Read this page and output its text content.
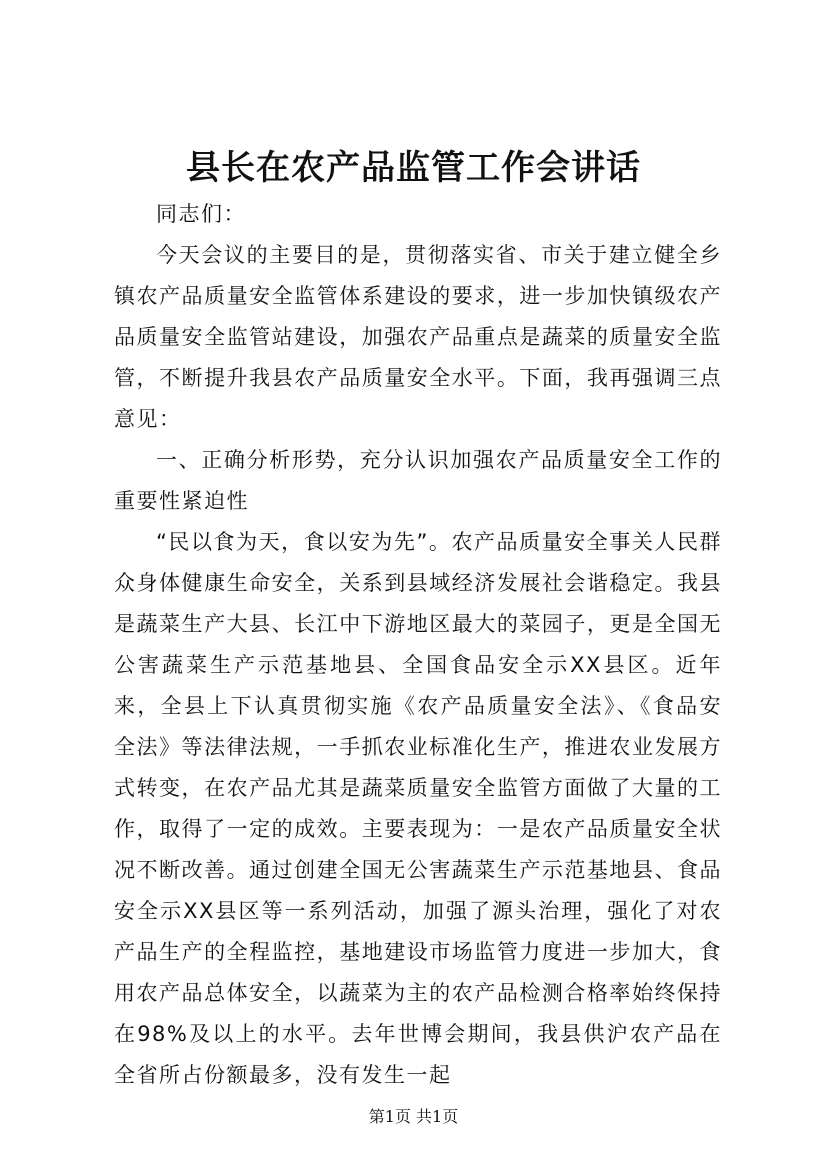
县长在农产品监管工作会讲话

同志们：

今天会议的主要目的是，贯彻落实省、市关于建立健全乡镇农产品质量安全监管体系建设的要求，进一步加快镇级农产品质量安全监管站建设，加强农产品重点是蔬菜的质量安全监管，不断提升我县农产品质量安全水平。下面，我再强调三点意见：

一、正确分析形势，充分认识加强农产品质量安全工作的重要性紧迫性

“民以食为天，食以安为先”。农产品质量安全事关人民群众身体健康生命安全，关系到县域经济发展社会谐稳定。我县是蔬菜生产大县、长江中下游地区最大的菜园子，更是全国无公害蔬菜生产示范基地县、全国食品安全示XX县区。近年来，全县上下认真贯彻实施《农产品质量安全法》、《食品安全法》等法律法规，一手抓农业标准化生产，推进农业发展方式转变，在农产品尤其是蔬菜质量安全监管方面做了大量的工作，取得了一定的成效。主要表现为：一是农产品质量安全状况不断改善。通过创建全国无公害蔬菜生产示范基地县、食品安全示XX县区等一系列活动，加强了源头治理，强化了对农产品生产的全程监控，基地建设市场监管力度进一步加大，食用农产品总体安全，以蔬菜为主的农产品检测合格率始终保持在98%及以上的水平。去年世博会期间，我县供沪农产品在全省所占份额最多，没有发生一起

第1页 共1页
